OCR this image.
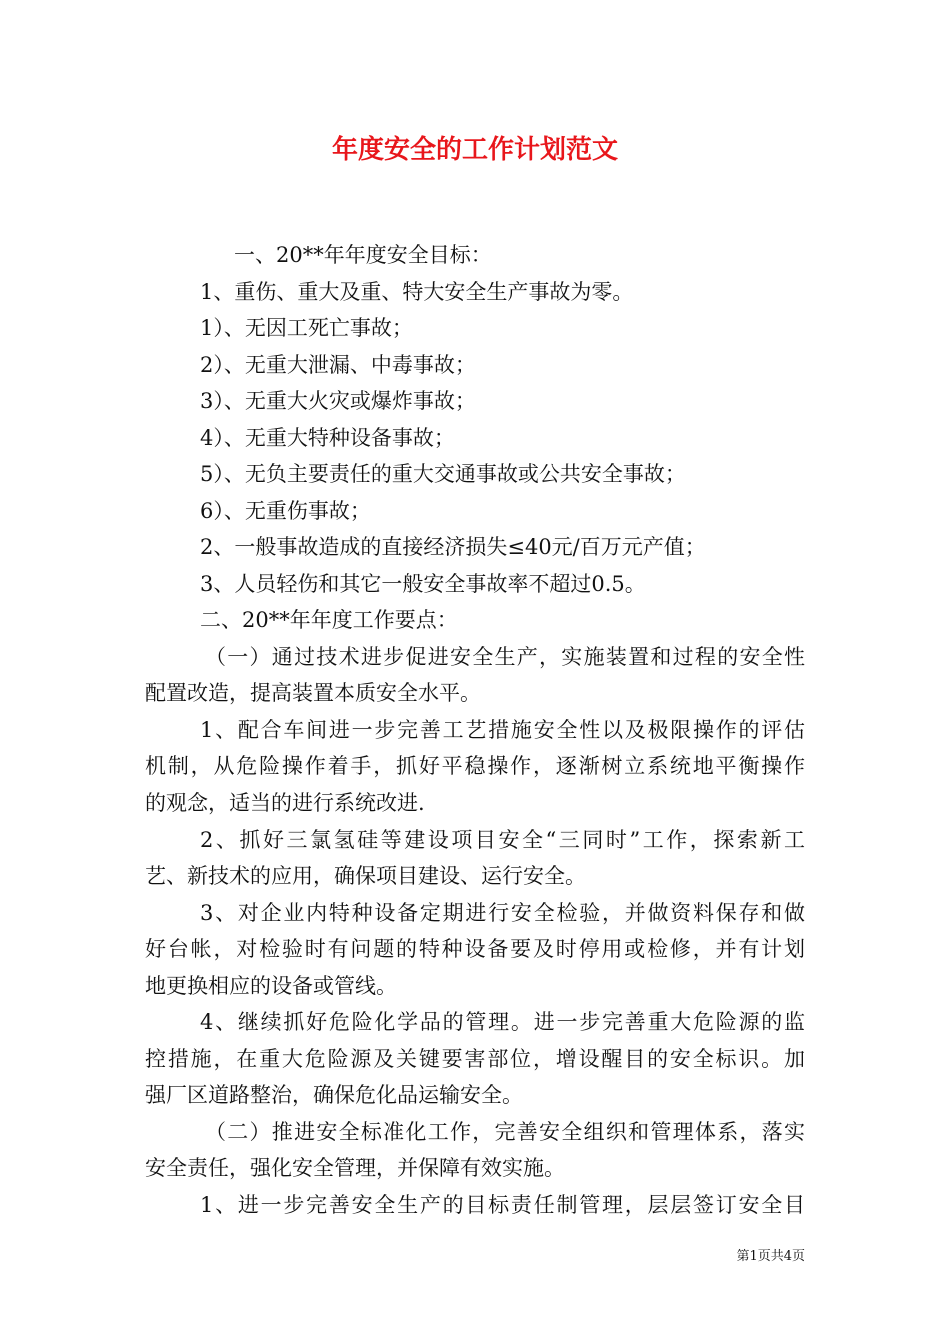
年度安全的工作计划范文
一、20**年年度安全目标：
1、重伤、重大及重、特大安全生产事故为零。
1）、无因工死亡事故；
2）、无重大泄漏、中毒事故；
3）、无重大火灾或爆炸事故；
4）、无重大特种设备事故；
5）、无负主要责任的重大交通事故或公共安全事故；
6）、无重伤事故；
2、一般事故造成的直接经济损失≤40元/百万元产值；
3、人员轻伤和其它一般安全事故率不超过0.5。
二、20**年年度工作要点：
（一）通过技术进步促进安全生产，实施装置和过程的安全性
配置改造，提高装置本质安全水平。
1、配合车间进一步完善工艺措施安全性以及极限操作的评估
机制，从危险操作着手，抓好平稳操作，逐渐树立系统地平衡操作
的观念，适当的进行系统改进.
2、抓好三氯氢硅等建设项目安全“三同时”工作，探索新工
艺、新技术的应用，确保项目建设、运行安全。
3、对企业内特种设备定期进行安全检验，并做资料保存和做
好台帐，对检验时有问题的特种设备要及时停用或检修，并有计划
地更换相应的设备或管线。
4、继续抓好危险化学品的管理。进一步完善重大危险源的监
控措施，在重大危险源及关键要害部位，增设醒目的安全标识。加
强厂区道路整治，确保危化品运输安全。
（二）推进安全标准化工作，完善安全组织和管理体系，落实
安全责任，强化安全管理，并保障有效实施。
1、进一步完善安全生产的目标责任制管理，层层签订安全目
第1页共4页
